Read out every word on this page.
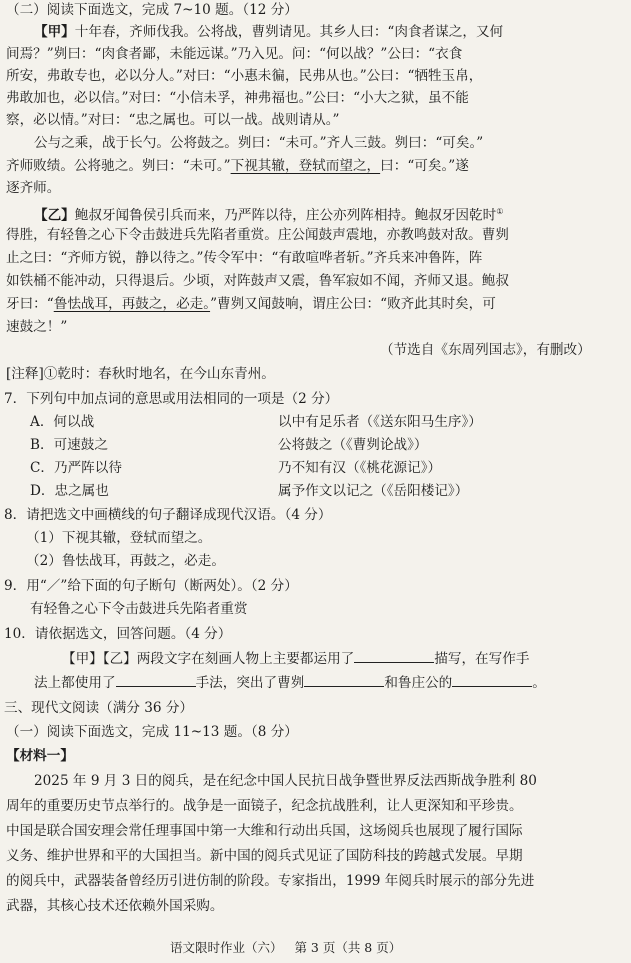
（二）阅读下面选文，完成 7~10 题。（12 分）
【甲】十年春，齐师伐我。公将战，曹刿请见。其乡人曰：“肉食者谋之，又何
间焉？”刿曰：“肉食者鄙，未能远谋。”乃入见。问：“何以战？”公曰：“衣食
所安，弗敢专也，必以分人。”对曰：“小惠未徧，民弗从也。”公曰：“牺牲玉帛，
弗敢加也，必以信。”对曰：“小信未孚，神弗福也。”公曰：“小大之狱，虽不能
察，必以情。”对曰：“忠之属也。可以一战。战则请从。”
公与之乘，战于长勺。公将鼓之。刿曰：“未可。”齐人三鼓。刿曰：“可矣。”
齐师败绩。公将驰之。刿曰：“未可。”下视其辙，登轼而望之，曰：“可矣。”遂
逐齐师。
【乙】鲍叔牙闻鲁侯引兵而来，乃严阵以待，庄公亦列阵相持。鲍叔牙因乾时①
得胜，有轻鲁之心下令击鼓进兵先陷者重赏。庄公闻鼓声震地，亦教鸣鼓对敌。曹刿
止之曰：“齐师方锐，静以待之。”传令军中：“有敢喧哗者斩。”齐兵来冲鲁阵，阵
如铁桶不能冲动，只得退后。少顷，对阵鼓声又震，鲁军寂如不闻，齐师又退。鲍叔
牙曰：“鲁怯战耳，再鼓之，必走。”曹刿又闻鼓响，谓庄公曰：“败齐此其时矣，可
速鼓之！”
（节选自《东周列国志》，有删改）
[注释]①乾时：春秋时地名，在今山东青州。
7．下列句中加点词的意思或用法相同的一项是（2 分）
A．何以战	以中有足乐者（《送东阳马生序》）
B．可速鼓之	公将鼓之（《曹刿论战》）
C．乃严阵以待	乃不知有汉（《桃花源记》）
D．忠之属也	属予作文以记之（《岳阳楼记》）
8．请把选文中画横线的句子翻译成现代汉语。（4 分）
（1）下视其辙，登轼而望之。
（2）鲁怯战耳，再鼓之，必走。
9．用“／”给下面的句子断句（断两处）。（2 分）
有轻鲁之心下令击鼓进兵先陷者重赏
10．请依据选文，回答问题。（4 分）
【甲】【乙】两段文字在刻画人物上主要都运用了	描写，在写作手
法上都使用了	手法，突出了曹刿	和鲁庄公的	。
三、现代文阅读（满分 36 分）
（一）阅读下面选文，完成 11~13 题。（8 分）
【材料一】
2025 年 9 月 3 日的阅兵，是在纪念中国人民抗日战争暨世界反法西斯战争胜利 80
周年的重要历史节点举行的。战争是一面镜子，纪念抗战胜利，让人更深知和平珍贵。
中国是联合国安理会常任理事国中第一大维和行动出兵国，这场阅兵也展现了履行国际
义务、维护世界和平的大国担当。新中国的阅兵式见证了国防科技的跨越式发展。早期
的阅兵中，武器装备曾经历引进仿制的阶段。专家指出，1999 年阅兵时展示的部分先进
武器，其核心技术还依赖外国采购。
语文限时作业（六） 第 3 页（共 8 页）
